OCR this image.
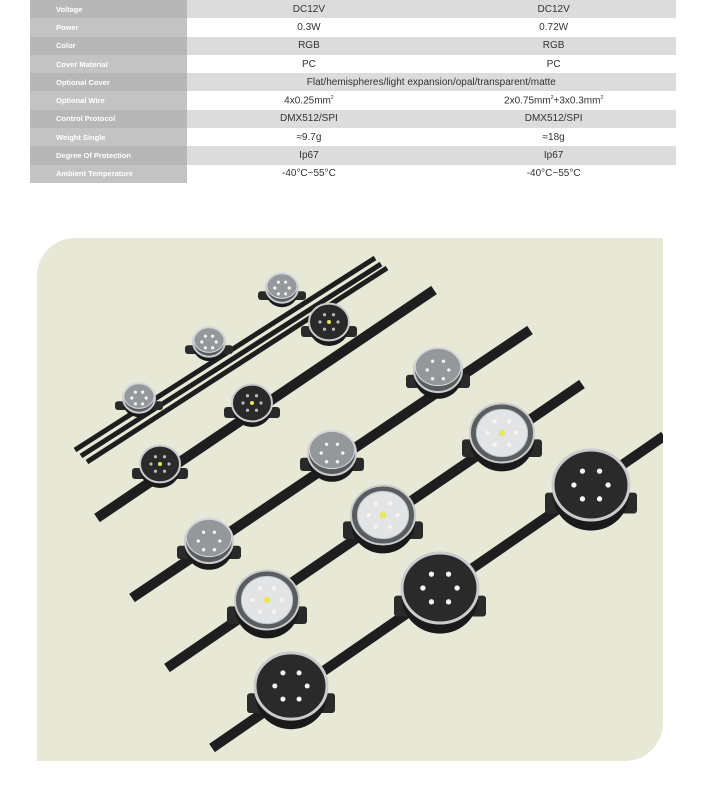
Voltage	DC12V	DC12V
Power	0.3W	0.72W
Color	RGB	RGB
Cover Material	PC	PC
Optional Cover	Flat/hemispheres/light expansion/opal/transparent/matte	
Optional Wire	$4x0.25mm^2$	$2x0.75mm^2+3x0.3mm^2$
Control Protocol	DMX512/SPI	DMX512/SPI
Weight Single	≈9.7g	≈18g
Degree Of Protection	Ip67	Ip67
Ambient Temperature	-40°C~55°C	-40°C~55°C
